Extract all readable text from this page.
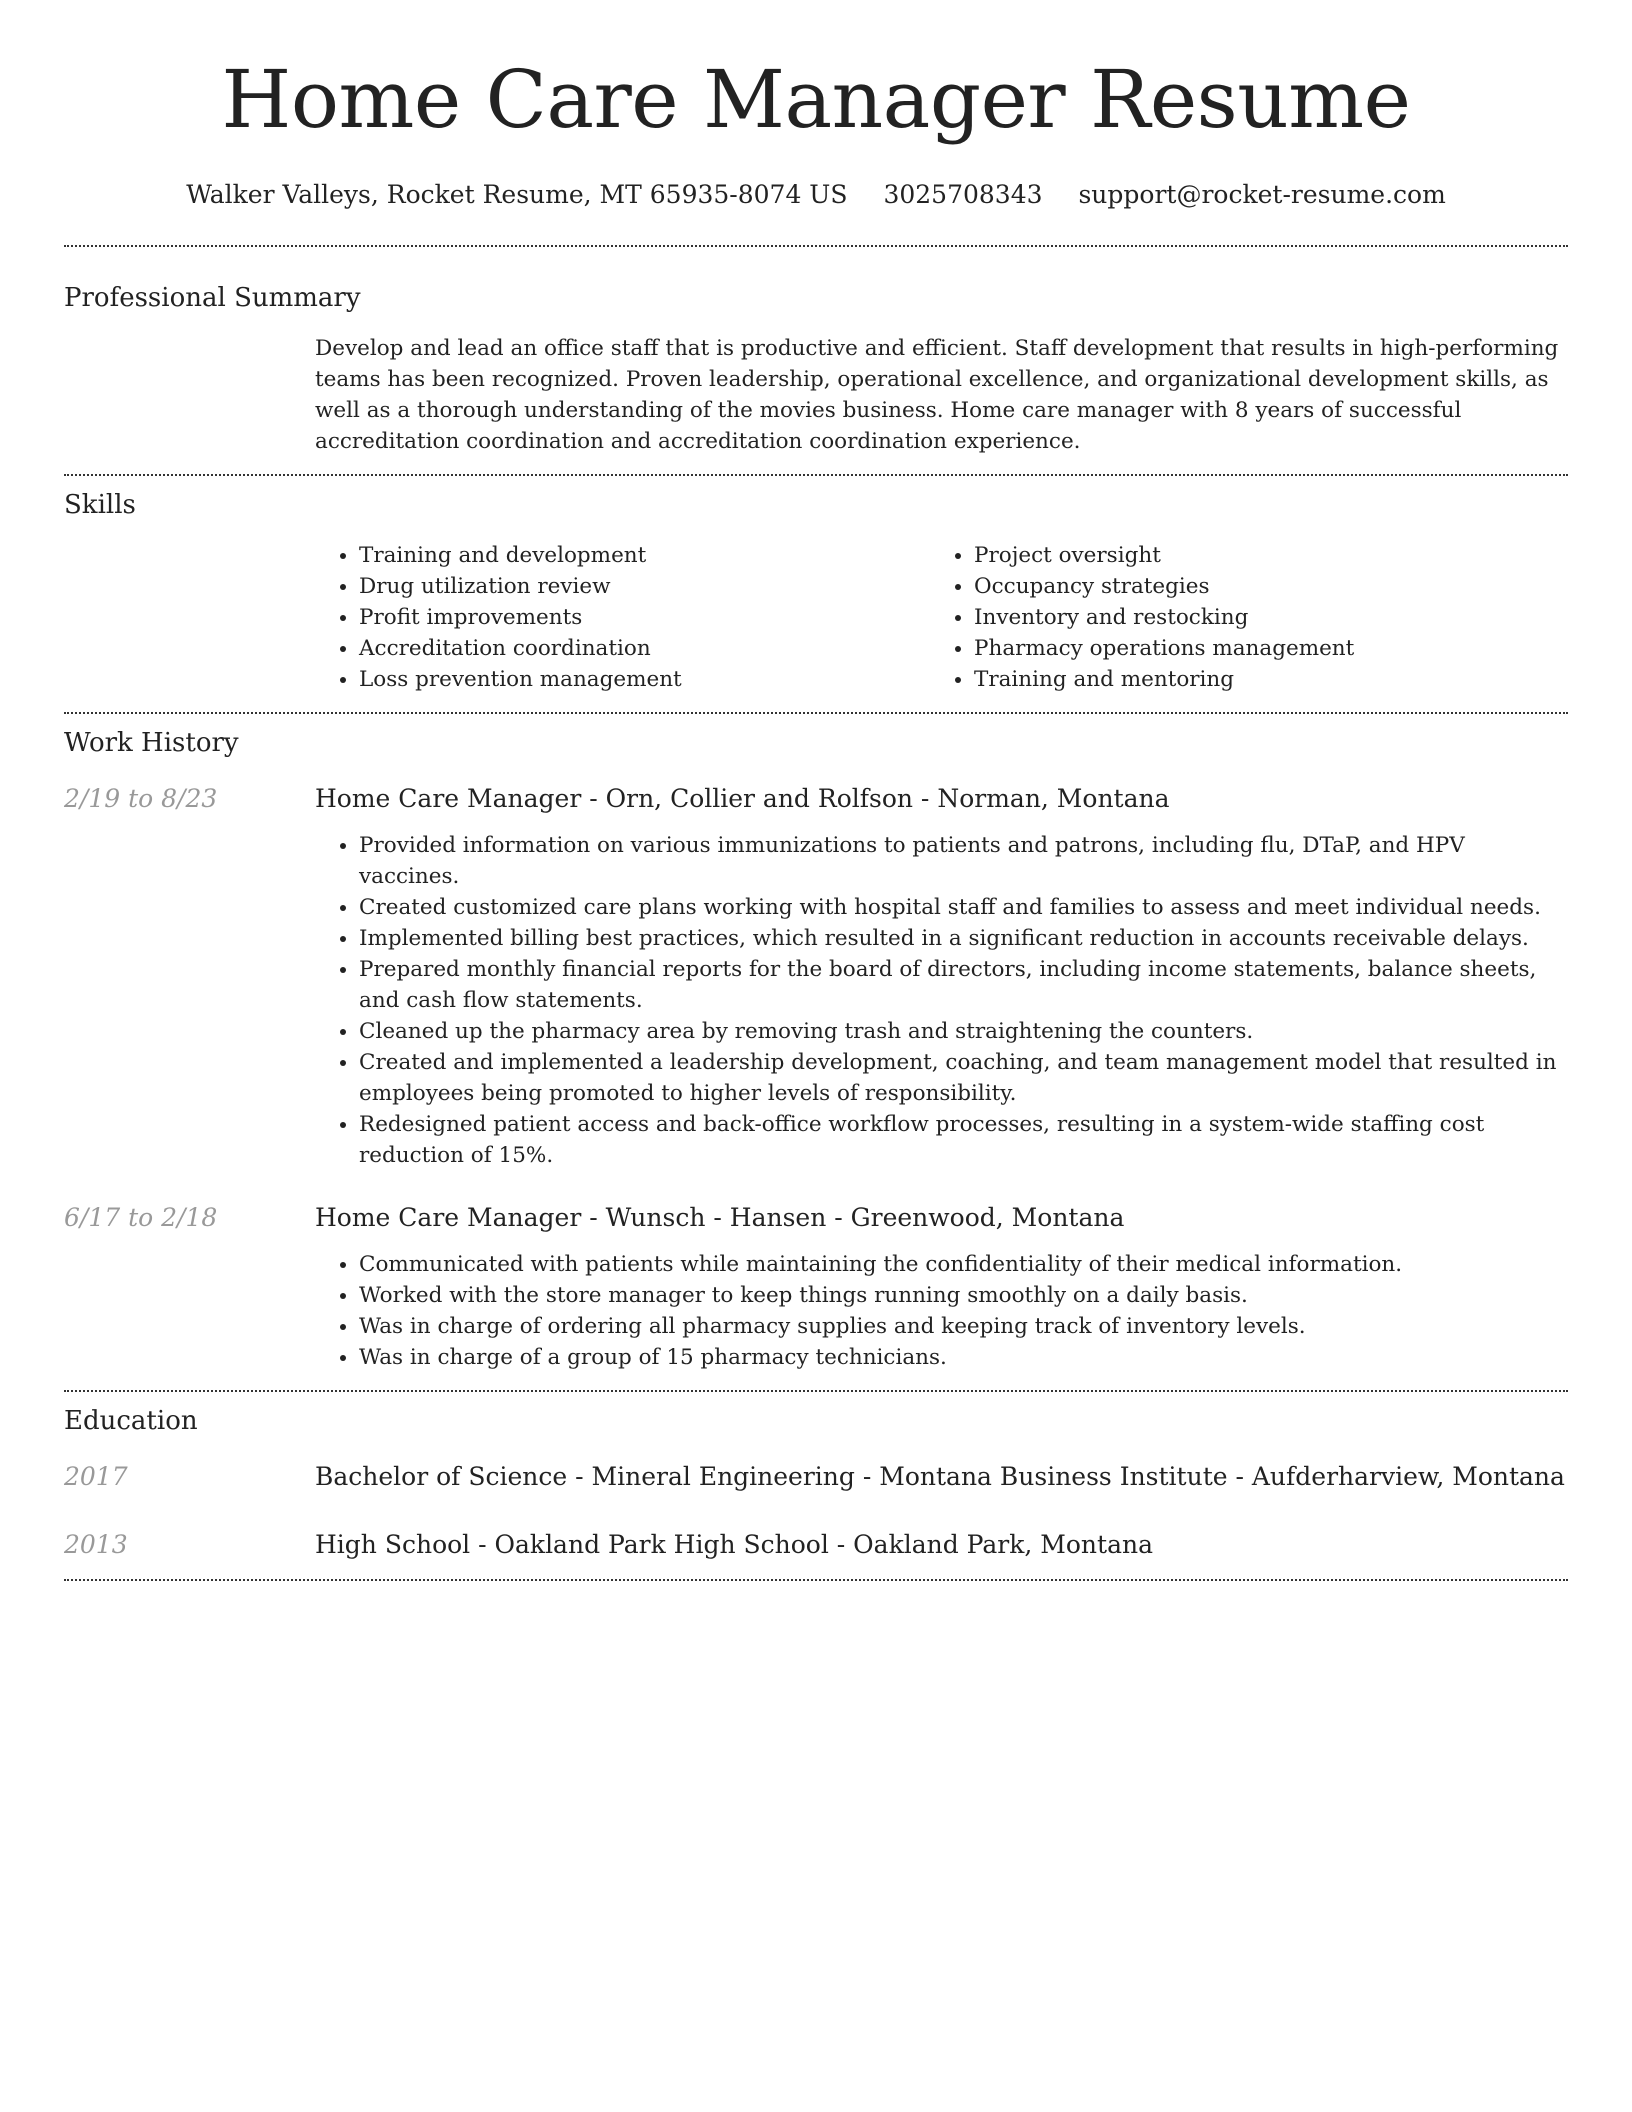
Home Care Manager Resume
Walker Valleys, Rocket Resume, MT 65935-8074 US 3025708343 support@rocket-resume.com
Professional Summary

Develop and lead an office staff that is productive and efficient. Staff development that results in high-performing teams has been recognized. Proven leadership, operational excellence, and organizational development skills, as well as a thorough understanding of the movies business. Home care manager with 8 years of successful accreditation coordination and accreditation coordination experience.

Skills
• Training and development
• Drug utilization review
• Profit improvements
• Accreditation coordination
• Loss prevention management
• Project oversight
• Occupancy strategies
• Inventory and restocking
• Pharmacy operations management
• Training and mentoring
Work History
2/19 to 8/23	Home Care Manager - Orn, Collier and Rolfson - Norman, Montana
• Provided information on various immunizations to patients and patrons, including flu, DTaP, and HPV vaccines.
• Created customized care plans working with hospital staff and families to assess and meet individual needs.
• Implemented billing best practices, which resulted in a significant reduction in accounts receivable delays.
• Prepared monthly financial reports for the board of directors, including income statements, balance sheets, and cash flow statements.
• Cleaned up the pharmacy area by removing trash and straightening the counters.
• Created and implemented a leadership development, coaching, and team management model that resulted in employees being promoted to higher levels of responsibility.
• Redesigned patient access and back-office workflow processes, resulting in a system-wide staffing cost reduction of 15%.
6/17 to 2/18	Home Care Manager - Wunsch - Hansen - Greenwood, Montana
• Communicated with patients while maintaining the confidentiality of their medical information.
• Worked with the store manager to keep things running smoothly on a daily basis.
• Was in charge of ordering all pharmacy supplies and keeping track of inventory levels.
• Was in charge of a group of 15 pharmacy technicians.
Education
2017	Bachelor of Science - Mineral Engineering - Montana Business Institute - Aufderharview, Montana
2013	High School - Oakland Park High School - Oakland Park, Montana
